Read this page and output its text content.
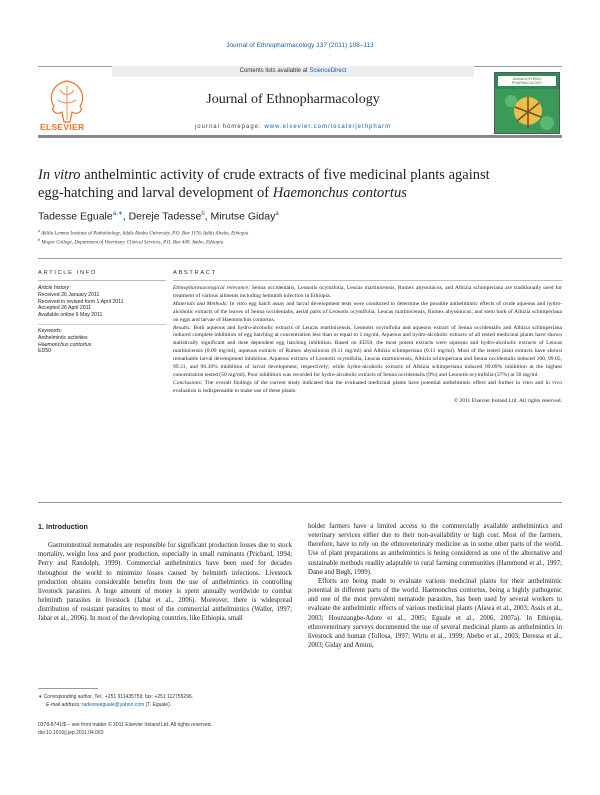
Journal of Ethnopharmacology 137 (2011) 108–113
ELSEVIER
Contents lists available at ScienceDirect
Journal of Ethnopharmacology
journal homepage: www.elsevier.com/locate/jethpharm
Journal of ETHNO-PHARMACOLOGY
In vitro anthelmintic activity of crude extracts of five medicinal plants against
egg-hatching and larval development of Haemonchus contortus
Tadesse Eguale$^{a,∗}$, Dereje Tadesse$^b$, Mirutse Giday$^a$
$^a$ Aklilu Lemma Institute of Pathobiology, Addis Ababa University, P.O. Box 1176, Addis Ababa, Ethiopia
$^b$ Mogor College, Department of Veterinary Clinical Services, P.O. Box 449, Ambo, Ethiopia
ARTICLE INFO	ABSTRACT
Article history:
Received 26 January 2011
Received in revised form 1 April 2011
Accepted 26 April 2011
Available online 6 May 2011
Keywords:
Anthelmintic activities
Haemonchus contortus
ED50

Ethnopharmacological relevance: Senna occidentalis, Leonotis ocymifolia, Leucas martinicensis, Rumex abyssinicus, and Albizia schimperiana are traditionally used for treatment of various ailments including helminth infection in Ethiopia.

Materials and Methods: In vitro egg hatch assay and larval development tests were conducted to determine the possible anthelmintic effects of crude aqueous and hydro-alcoholic extracts of the leaves of Senna occidentalis, aerial parts of Leonotis ocymifolia, Leucas martinicensis, Rumex abyssinicus, and stem bark of Albizia schimperiana on eggs and larvae of Haemonchus contortus.

Results: Both aqueous and hydro-alcoholic extracts of Leucas martinicensis, Leonotis ocymifolia and aqueous extract of Senna occidentalis and Albizia schimperiana induced complete inhibition of egg hatching at concentration less than or equal to 1 mg/ml. Aqueous and hydro-alcoholic extracts of all tested medicinal plants have shown statistically significant and dose dependent egg hatching inhibition. Based on ED50, the most potent extracts were aqueous and hydro-alcoholic extracts of Leucas martinicensis (0.09 mg/ml), aqueous extracts of Rumex abyssinicus (0.11 mg/ml) and Albizia schimperiana (0.11 mg/ml). Most of the tested plant extracts have shown remarkable larval development inhibition. Aqueous extracts of Leonotis ocymifolia, Leucas martinicensis, Albizia schimperiana and Senna occidentalis induced 100, 99.85, 99.31, and 96.36% inhibition of larval development, respectively; while hydro-alcoholic extracts of Albizia schimperiana induced 99.09% inhibition at the highest concentration tested (50 mg/ml). Poor inhibition was recorded for hydro-alcoholic extracts of Senna occidentalis (9%) and Leonotis ocymifolia (37%) at 50 mg/ml.

Conclusions: The overall findings of the current study indicated that the evaluated medicinal plants have potential anthelmintic effect and further in vitro and in vivo evaluation is indispensable to make use of these plants.

© 2011 Elsevier Ireland Ltd. All rights reserved.

1. Introduction

Gastrointestinal nematodes are responsible for significant production losses due to stock mortality, weight loss and poor production, especially in small ruminants (Prichard, 1994; Perry and Randolph, 1999). Commercial anthelmintics have been used for decades throughout the world to minimize losses caused by helminth infections. Livestock production obtains considerable benefits from the use of anthelmintics in controlling livestock parasites. A huge amount of money is spent annually worldwide to combat helminth parasites in livestock (Jabar et al., 2006). Moreover, there is widespread distribution of resistant parasites to most of the commercial anthelmintics (Waller, 1997; Jabar et al., 2006). In most of the developing countries, like Ethiopia, small

holder farmers have a limited access to the commercially available anthelmintics and veterinary services either due to their non-availability or high cost. Most of the farmers, therefore, have to rely on the ethnoveterinary medicine as in some other parts of the world. Use of plant preparations as anthelmintics is being considered as one of the alternative and sustainable methods readily adaptable to rural farming communities (Hammond et al., 1997; Danø and Bøgh, 1999).

Efforts are being made to evaluate various medicinal plants for their anthelmintic potential in different parts of the world. Haemonchus contortus, being a highly pathogenic and one of the most prevalent nematode parasites, has been used by several workers to evaluate the anthelmintic effects of various medicinal plants (Alawa et al., 2003; Assis et al., 2003; Hounzangbe-Adote et al., 2005; Eguale et al., 2006, 2007a). In Ethiopia, ethnoveterinary surveys documented the use of several medicinal plants as anthelmintics in livestock and human (Tollosa, 1997; Wirtu et al., 1999; Abebe et al., 2003; Deressa et al., 2003; Giday and Amini,

∗ Corresponding author. Tel.: +251 911435759; fax: +251 112755296.
E-mail address: tadesseeguale@yahoo.com (T. Eguale).
0378-8741/$ – see front matter © 2011 Elsevier Ireland Ltd. All rights reserved.
doi:10.1016/j.jep.2011.04.063
